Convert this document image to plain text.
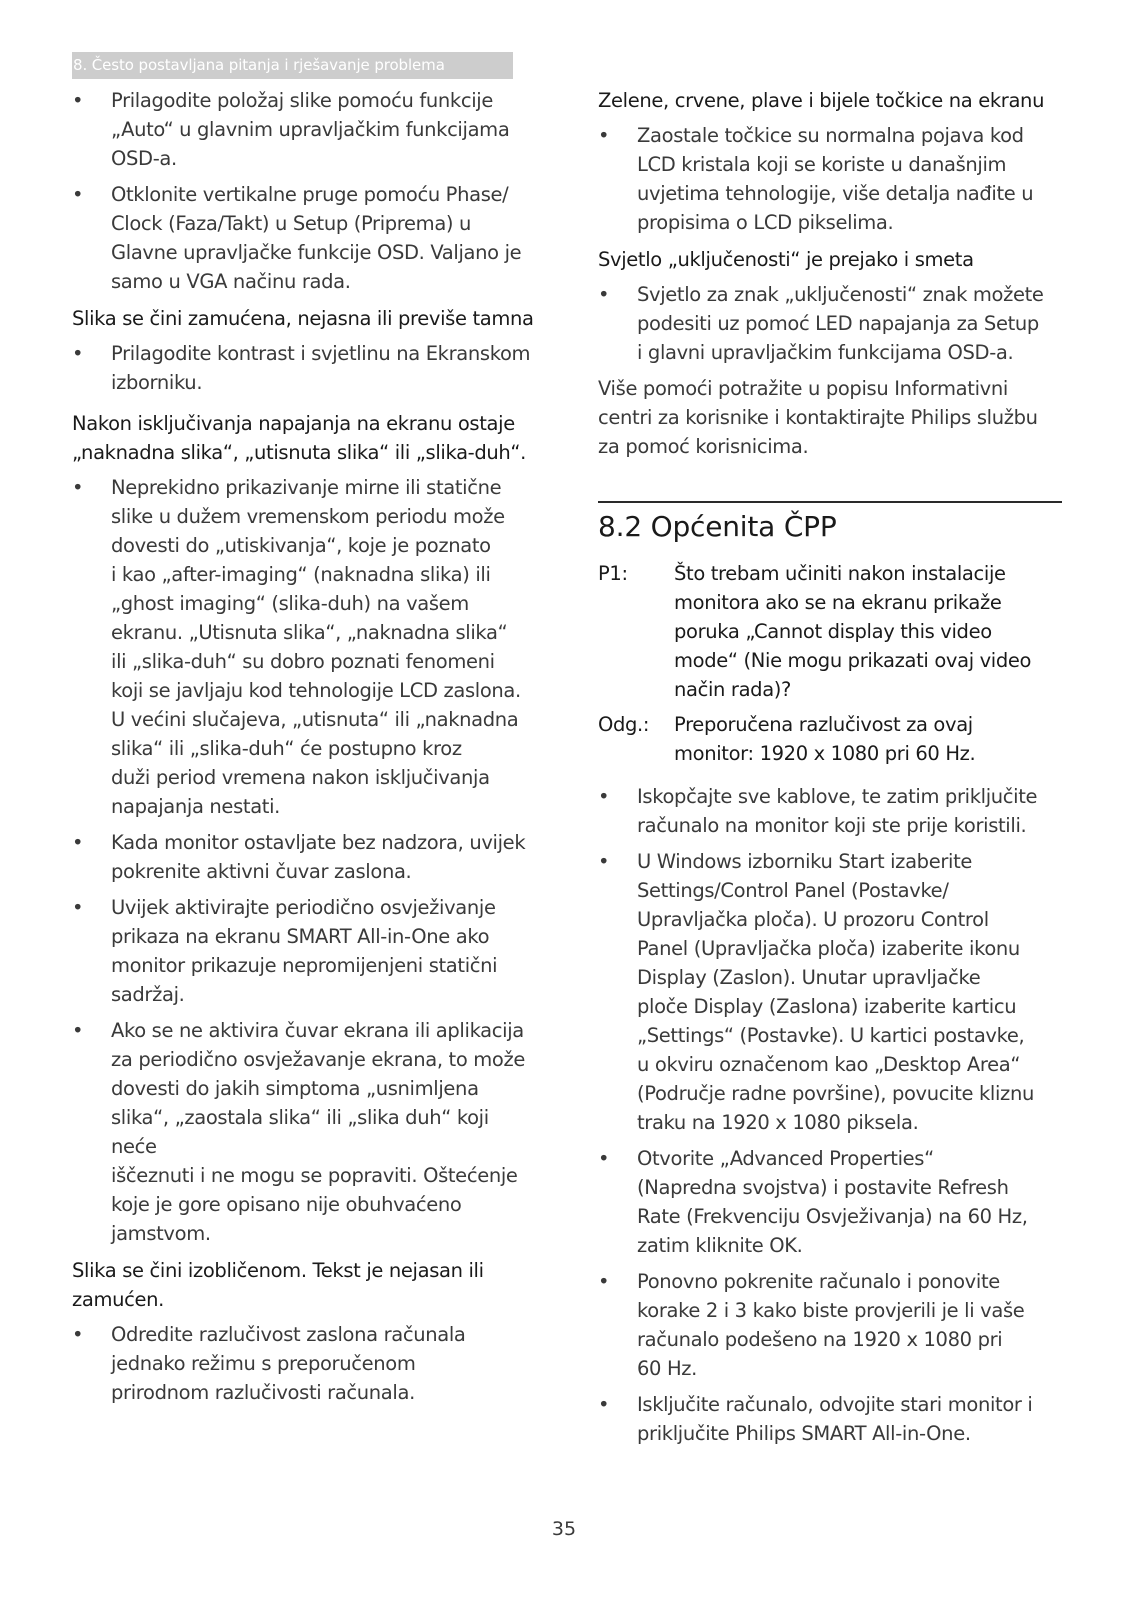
8. Često postavljana pitanja i rješavanje problema
• Prilagodite položaj slike pomoću funkcije
„Auto“ u glavnim upravljačkim funkcijama
OSD-a.
• Otklonite vertikalne pruge pomoću Phase/
Clock (Faza/Takt) u Setup (Priprema) u
Glavne upravljačke funkcije OSD. Valjano je
samo u VGA načinu rada.
Slika se čini zamućena, nejasna ili previše tamna
• Prilagodite kontrast i svjetlinu na Ekranskom
izborniku.
Nakon isključivanja napajanja na ekranu ostaje
„naknadna slika“, „utisnuta slika“ ili „slika-duh“.
• Neprekidno prikazivanje mirne ili statične
slike u dužem vremenskom periodu može
dovesti do „utiskivanja“, koje je poznato
i kao „after-imaging“ (naknadna slika) ili
„ghost imaging“ (slika-duh) na vašem
ekranu. „Utisnuta slika“, „naknadna slika“
ili „slika-duh“ su dobro poznati fenomeni
koji se javljaju kod tehnologije LCD zaslona.
U većini slučajeva, „utisnuta“ ili „naknadna
slika“ ili „slika-duh“ će postupno kroz
duži period vremena nakon isključivanja
napajanja nestati.
• Kada monitor ostavljate bez nadzora, uvijek
pokrenite aktivni čuvar zaslona.
• Uvijek aktivirajte periodično osvježivanje
prikaza na ekranu SMART All-in-One ako
monitor prikazuje nepromijenjeni statični
sadržaj.
• Ako se ne aktivira čuvar ekrana ili aplikacija
za periodično osvježavanje ekrana, to može
dovesti do jakih simptoma „usnimljena
slika“, „zaostala slika“ ili „slika duh“ koji neće
iščeznuti i ne mogu se popraviti. Oštećenje
koje je gore opisano nije obuhvaćeno
jamstvom.
Slika se čini izobličenom. Tekst je nejasan ili
zamućen.
• Odredite razlučivost zaslona računala
jednako režimu s preporučenom
prirodnom razlučivosti računala.
Zelene, crvene, plave i bijele točkice na ekranu
• Zaostale točkice su normalna pojava kod
LCD kristala koji se koriste u današnjim
uvjetima tehnologije, više detalja nađite u
propisima o LCD pikselima.
Svjetlo „uključenosti“ je prejako i smeta
• Svjetlo za znak „uključenosti“ znak možete
podesiti uz pomoć LED napajanja za Setup
i glavni upravljačkim funkcijama OSD-a.
Više pomoći potražite u popisu Informativni
centri za korisnike i kontaktirajte Philips službu
za pomoć korisnicima.
8.2 Općenita ČPP
P1: Što trebam učiniti nakon instalacije
monitora ako se na ekranu prikaže
poruka „Cannot display this video
mode“ (Nie mogu prikazati ovaj video
način rada)?
Odg.: Preporučena razlučivost za ovaj
monitor: 1920 x 1080 pri 60 Hz.
• Iskopčajte sve kablove, te zatim priključite
računalo na monitor koji ste prije koristili.
• U Windows izborniku Start izaberite
Settings/Control Panel (Postavke/
Upravljačka ploča). U prozoru Control
Panel (Upravljačka ploča) izaberite ikonu
Display (Zaslon). Unutar upravljačke
ploče Display (Zaslona) izaberite karticu
„Settings“ (Postavke). U kartici postavke,
u okviru označenom kao „Desktop Area“
(Područje radne površine), povucite kliznu
traku na 1920 x 1080 piksela.
• Otvorite „Advanced Properties“
(Napredna svojstva) i postavite Refresh
Rate (Frekvenciju Osvježivanja) na 60 Hz,
zatim kliknite OK.
• Ponovno pokrenite računalo i ponovite
korake 2 i 3 kako biste provjerili je li vaše
računalo podešeno na 1920 x 1080 pri
60 Hz.
• Isključite računalo, odvojite stari monitor i
priključite Philips SMART All-in-One.
35
